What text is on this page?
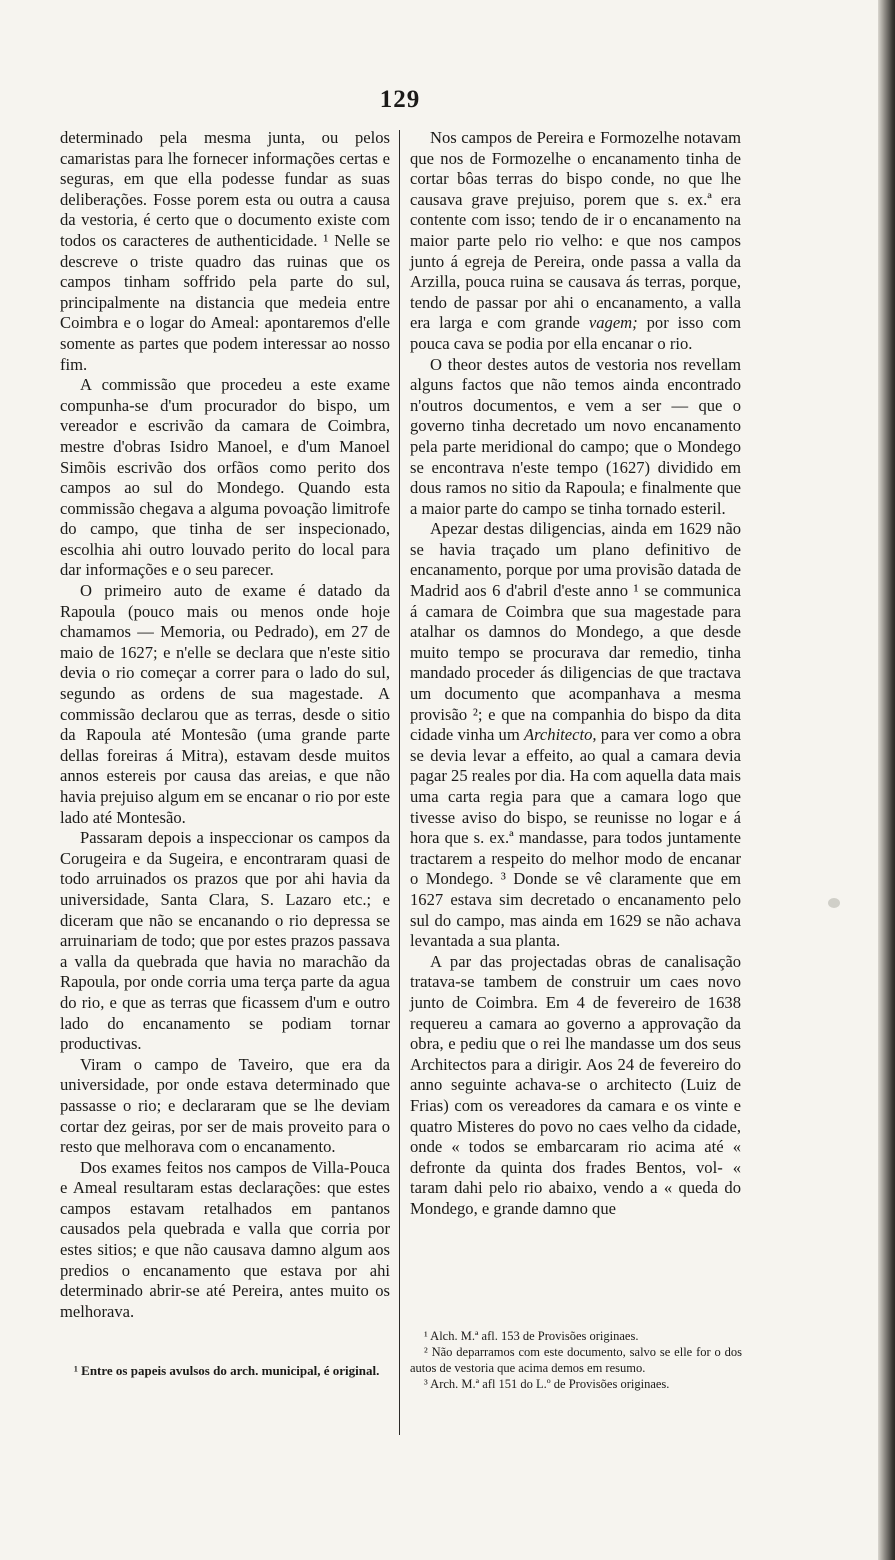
129

determinado pela mesma junta, ou pelos camaristas para lhe fornecer informações certas e seguras, em que ella podesse fundar as suas deliberações. Fosse porem esta ou outra a causa da vestoria, é certo que o documento existe com todos os caracteres de authenticidade. ¹ Nelle se descreve o triste quadro das ruinas que os campos tinham soffrido pela parte do sul, principalmente na distancia que medeia entre Coimbra e o logar do Ameal: apontaremos d'elle somente as partes que podem interessar ao nosso fim.

A commissão que procedeu a este exame compunha-se d'um procurador do bispo, um vereador e escrivão da camara de Coimbra, mestre d'obras Isidro Manoel, e d'um Manoel Simõis escrivão dos orfãos como perito dos campos ao sul do Mondego. Quando esta commissão chegava a alguma povoação limitrofe do campo, que tinha de ser inspecionado, escolhia ahi outro louvado perito do local para dar informações e o seu parecer.

O primeiro auto de exame é datado da Rapoula (pouco mais ou menos onde hoje chamamos — Memoria, ou Pedrado), em 27 de maio de 1627; e n'elle se declara que n'este sitio devia o rio começar a correr para o lado do sul, segundo as ordens de sua magestade. A commissão declarou que as terras, desde o sitio da Rapoula até Montesão (uma grande parte dellas foreiras á Mitra), estavam desde muitos annos estereis por causa das areias, e que não havia prejuiso algum em se encanar o rio por este lado até Montesão.

Passaram depois a inspeccionar os campos da Corugeira e da Sugeira, e encontraram quasi de todo arruinados os prazos que por ahi havia da universidade, Santa Clara, S. Lazaro etc.; e diceram que não se encanando o rio depressa se arruinariam de todo; que por estes prazos passava a valla da quebrada que havia no marachão da Rapoula, por onde corria uma terça parte da agua do rio, e que as terras que ficassem d'um e outro lado do encanamento se podiam tornar productivas.

Viram o campo de Taveiro, que era da universidade, por onde estava determinado que passasse o rio; e declararam que se lhe deviam cortar dez geiras, por ser de mais proveito para o resto que melhorava com o encanamento.

Dos exames feitos nos campos de Villa-Pouca e Ameal resultaram estas declarações: que estes campos estavam retalhados em pantanos causados pela quebrada e valla que corria por estes sitios; e que não causava damno algum aos predios o encanamento que estava por ahi determinado abrir-se até Pereira, antes muito os melhorava.

Nos campos de Pereira e Formozelhe notavam que nos de Formozelhe o encanamento tinha de cortar bôas terras do bispo conde, no que lhe causava grave prejuiso, porem que s. ex.ª era contente com isso; tendo de ir o encanamento na maior parte pelo rio velho: e que nos campos junto á egreja de Pereira, onde passa a valla da Arzilla, pouca ruina se causava ás terras, porque, tendo de passar por ahi o encanamento, a valla era larga e com grande vagem; por isso com pouca cava se podia por ella encanar o rio.

O theor destes autos de vestoria nos revellam alguns factos que não temos ainda encontrado n'outros documentos, e vem a ser — que o governo tinha decretado um novo encanamento pela parte meridional do campo; que o Mondego se encontrava n'este tempo (1627) dividido em dous ramos no sitio da Rapoula; e finalmente que a maior parte do campo se tinha tornado esteril.

Apezar destas diligencias, ainda em 1629 não se havia traçado um plano definitivo de encanamento, porque por uma provisão datada de Madrid aos 6 d'abril d'este anno ¹ se communica á camara de Coimbra que sua magestade para atalhar os damnos do Mondego, a que desde muito tempo se procurava dar remedio, tinha mandado proceder ás diligencias de que tractava um documento que acompanhava a mesma provisão ²; e que na companhia do bispo da dita cidade vinha um Architecto, para ver como a obra se devia levar a effeito, ao qual a camara devia pagar 25 reales por dia. Ha com aquella data mais uma carta regia para que a camara logo que tivesse aviso do bispo, se reunisse no logar e á hora que s. ex.ª mandasse, para todos juntamente tractarem a respeito do melhor modo de encanar o Mondego. ³ Donde se vê claramente que em 1627 estava sim decretado o encanamento pelo sul do campo, mas ainda em 1629 se não achava levantada a sua planta.

A par das projectadas obras de canalisação tratava-se tambem de construir um caes novo junto de Coimbra. Em 4 de fevereiro de 1638 requereu a camara ao governo a approvação da obra, e pediu que o rei lhe mandasse um dos seus Architectos para a dirigir. Aos 24 de fevereiro do anno seguinte achava-se o architecto (Luiz de Frias) com os vereadores da camara e os vinte e quatro Misteres do povo no caes velho da cidade, onde « todos se embarcaram rio acima até « defronte da quinta dos frades Bentos, vol- « taram dahi pelo rio abaixo, vendo a « queda do Mondego, e grande damno que

¹ Entre os papeis avulsos do arch. municipal, é original.

¹ Alch. M.ª afl. 153 de Provisões originaes.

² Não deparramos com este documento, salvo se elle for o dos autos de vestoria que acima demos em resumo.

³ Arch. M.ª afl 151 do L.º de Provisões originaes.
